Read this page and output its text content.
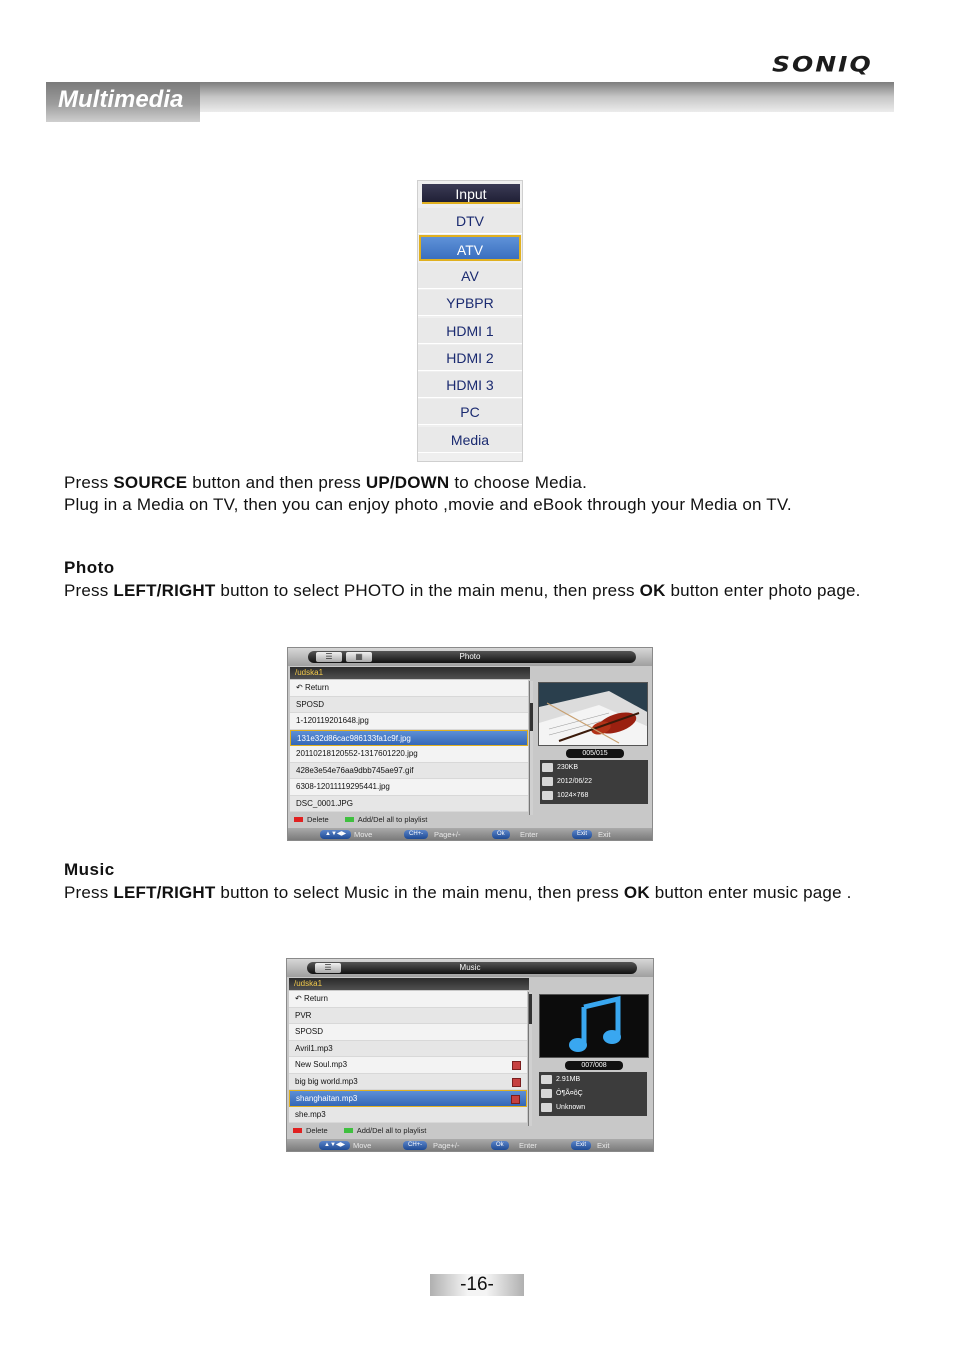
SONIQ
Multimedia
Input
DTV
ATV
AV
YPBPR
HDMI 1
HDMI 2
HDMI 3
PC
Media
Press SOURCE button and then press UP/DOWN to choose Media.
Plug in a Media on TV, then you can enjoy photo ,movie and eBook through your Media on TV.
Photo
Press LEFT/RIGHT button to select PHOTO in the main menu, then press OK button enter photo page.
☰	▦	Photo
/udska1
↶ Return
SPOSD
1-120119201648.jpg
131e32d86cac986133fa1c9f.jpg
20110218120552-1317601220.jpg
428e3e54e76aa9dbb745ae97.gif
6308-12011119295441.jpg
DSC_0001.JPG
005/015
230KB
2012/06/22
1024×768
Delete	Add/Del all to playlist
▲▼◀▶	Move	CH+-	Page+/-	Ok	Enter	Exit	Exit
Music
Press LEFT/RIGHT button to select Music in the main menu, then press OK button enter music page .
☰	Music
/udska1
↶ Return
PVR
SPOSD
Avril1.mp3
New Soul.mp3
big big world.mp3
shanghaitan.mp3
she.mp3
007/008
2.91MB
Ô¶Ã¤õÇ
Unknown
Delete	Add/Del all to playlist
▲▼◀▶	Move	CH+-	Page+/-	Ok	Enter	Exit	Exit
-16-
